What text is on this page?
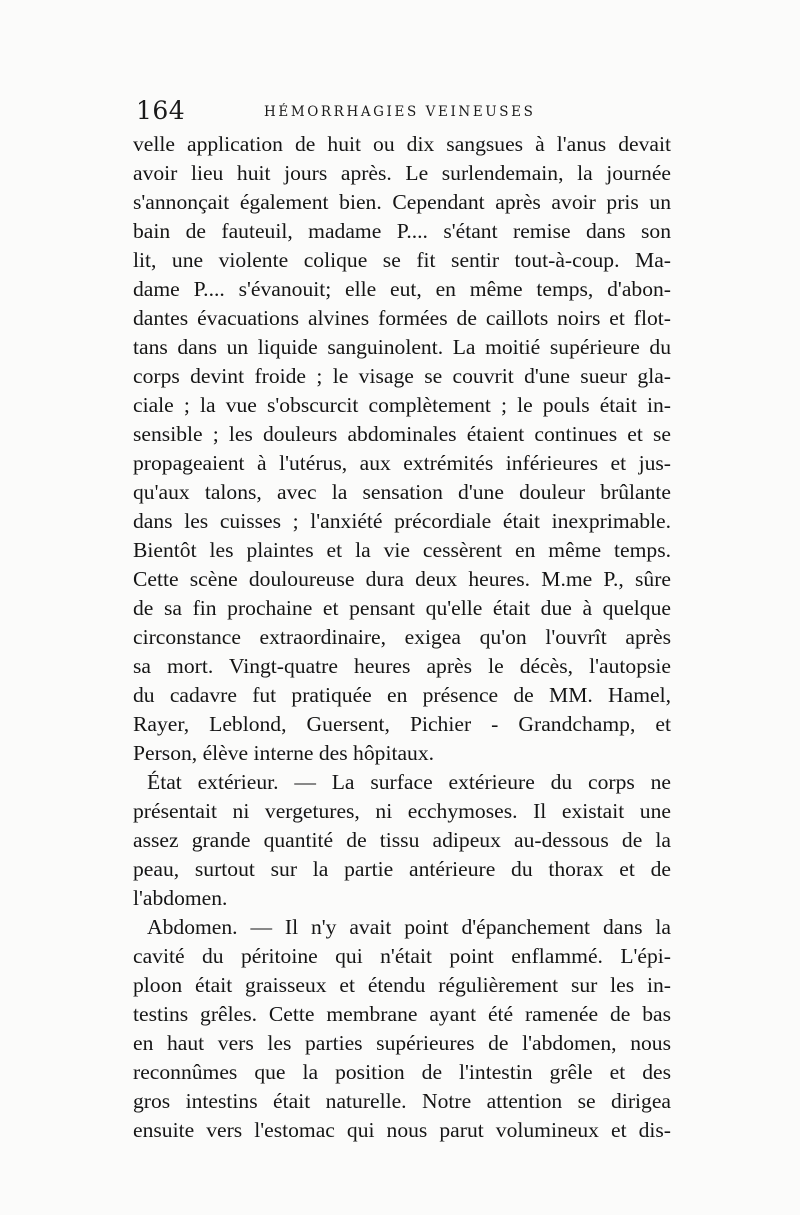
164	HÉMORRHAGIES VEINEUSES
velle application de huit ou dix sangsues à l'anus devait
avoir lieu huit jours après. Le surlendemain, la journée
s'annonçait également bien. Cependant après avoir pris un
bain de fauteuil, madame P.... s'étant remise dans son
lit, une violente colique se fit sentir tout-à-coup. Ma-
dame P.... s'évanouit; elle eut, en même temps, d'abon-
dantes évacuations alvines formées de caillots noirs et flot-
tans dans un liquide sanguinolent. La moitié supérieure du
corps devint froide ; le visage se couvrit d'une sueur gla-
ciale ; la vue s'obscurcit complètement ; le pouls était in-
sensible ; les douleurs abdominales étaient continues et se
propageaient à l'utérus, aux extrémités inférieures et jus-
qu'aux talons, avec la sensation d'une douleur brûlante
dans les cuisses ; l'anxiété précordiale était inexprimable.
Bientôt les plaintes et la vie cessèrent en même temps.
Cette scène douloureuse dura deux heures. M.me P., sûre
de sa fin prochaine et pensant qu'elle était due à quelque
circonstance extraordinaire, exigea qu'on l'ouvrît après
sa mort. Vingt-quatre heures après le décès, l'autopsie
du cadavre fut pratiquée en présence de MM. Hamel,
Rayer, Leblond, Guersent, Pichier - Grandchamp, et
Person, élève interne des hôpitaux.
État extérieur. — La surface extérieure du corps ne
présentait ni vergetures, ni ecchymoses. Il existait une
assez grande quantité de tissu adipeux au-dessous de la
peau, surtout sur la partie antérieure du thorax et de
l'abdomen.
Abdomen. — Il n'y avait point d'épanchement dans la
cavité du péritoine qui n'était point enflammé. L'épi-
ploon était graisseux et étendu régulièrement sur les in-
testins grêles. Cette membrane ayant été ramenée de bas
en haut vers les parties supérieures de l'abdomen, nous
reconnûmes que la position de l'intestin grêle et des
gros intestins était naturelle. Notre attention se dirigea
ensuite vers l'estomac qui nous parut volumineux et dis-
